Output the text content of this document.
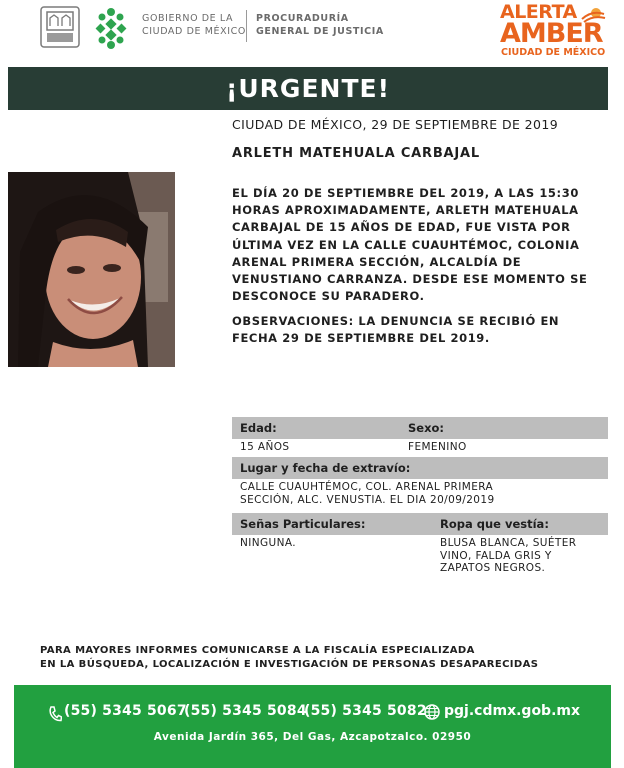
GOBIERNO DE LA
CIUDAD DE MÉXICO
PROCURADURÍA
GENERAL DE JUSTICIA
ALERTA
AMBER
CIUDAD DE MÉXICO
¡URGENTE!
CIUDAD DE MÉXICO, 29 DE SEPTIEMBRE DE 2019
ARLETH MATEHUALA CARBAJAL
EL DÍA 20 DE SEPTIEMBRE DEL 2019, A LAS 15:30
HORAS APROXIMADAMENTE, ARLETH MATEHUALA
CARBAJAL DE 15 AÑOS DE EDAD, FUE VISTA POR
ÚLTIMA VEZ EN LA CALLE CUAUHTÉMOC, COLONIA
ARENAL PRIMERA SECCIÓN, ALCALDÍA DE
VENUSTIANO CARRANZA. DESDE ESE MOMENTO SE
DESCONOCE SU PARADERO.
OBSERVACIONES: LA DENUNCIA SE RECIBIÓ EN
FECHA 29 DE SEPTIEMBRE DEL 2019.
Edad:	Sexo:
15 AÑOS	FEMENINO
Lugar y fecha de extravío:
CALLE CUAUHTÉMOC, COL. ARENAL PRIMERA
SECCIÓN, ALC. VENUSTIA. EL DIA 20/09/2019
Señas Particulares:	Ropa que vestía:
NINGUNA.	BLUSA BLANCA, SUÉTER
VINO, FALDA GRIS Y
ZAPATOS NEGROS.
PARA MAYORES INFORMES COMUNICARSE A LA FISCALÍA ESPECIALIZADA
EN LA BÚSQUEDA, LOCALIZACIÓN E INVESTIGACIÓN DE PERSONAS DESAPARECIDAS
(55) 5345 5067
(55) 5345 5084
(55) 5345 5082 pgj.cdmx.gob.mx
Avenida Jardín 365, Del Gas, Azcapotzalco. 02950
